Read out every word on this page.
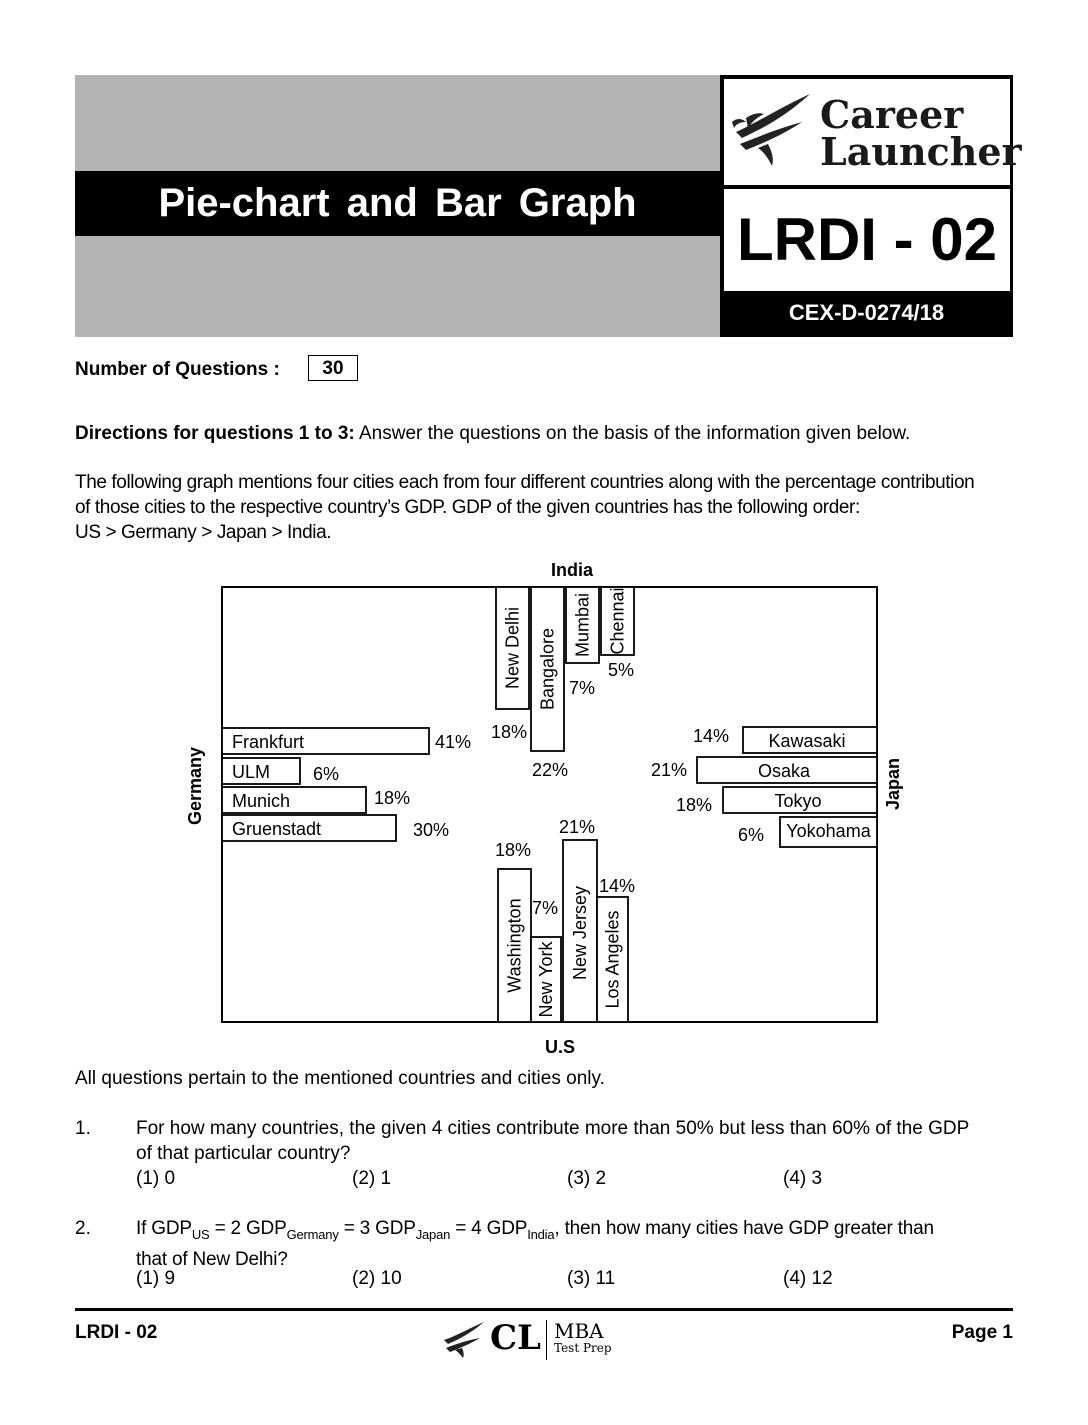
Pie-chart and Bar Graph
Career
Launcher
LRDI - 02
CEX-D-0274/18
Number of Questions :	30
Directions for questions 1 to 3: Answer the questions on the basis of the information given below.
The following graph mentions four cities each from four different countries along with the percentage contribution
of those cities to the respective country’s GDP. GDP of the given countries has the following order:
US > Germany > Japan > India.
India
New Delhi
18%
Bangalore
22%
Mumbai
7%
Chennai
5%
Germany
Frankfurt	41%
ULM 6%
Munich	18%
Gruenstadt	30%
Japan
Kawasaki
14%
Osaka
21%
Tokyo
18%
Yokohama
6%
U.S
Washington
18%
New York
7% New Jersey
21%
Los Angeles
14%
All questions pertain to the mentioned countries and cities only.
1. For how many countries, the given 4 cities contribute more than 50% but less than 60% of the GDP
of that particular country?
(1) 0	(2) 1	(3) 2	(4) 3
2. If $GDP_{US} = 2$ $GDP_{Germany} = 3$ $GDP_{Japan} = 4$ $GDP_{India}$, then how many cities have GDP greater than
that of New Delhi?
(1) 9	(2) 10	(3) 11	(4) 12
LRDI - 02	CL MBA
Test Prep
Page 1
